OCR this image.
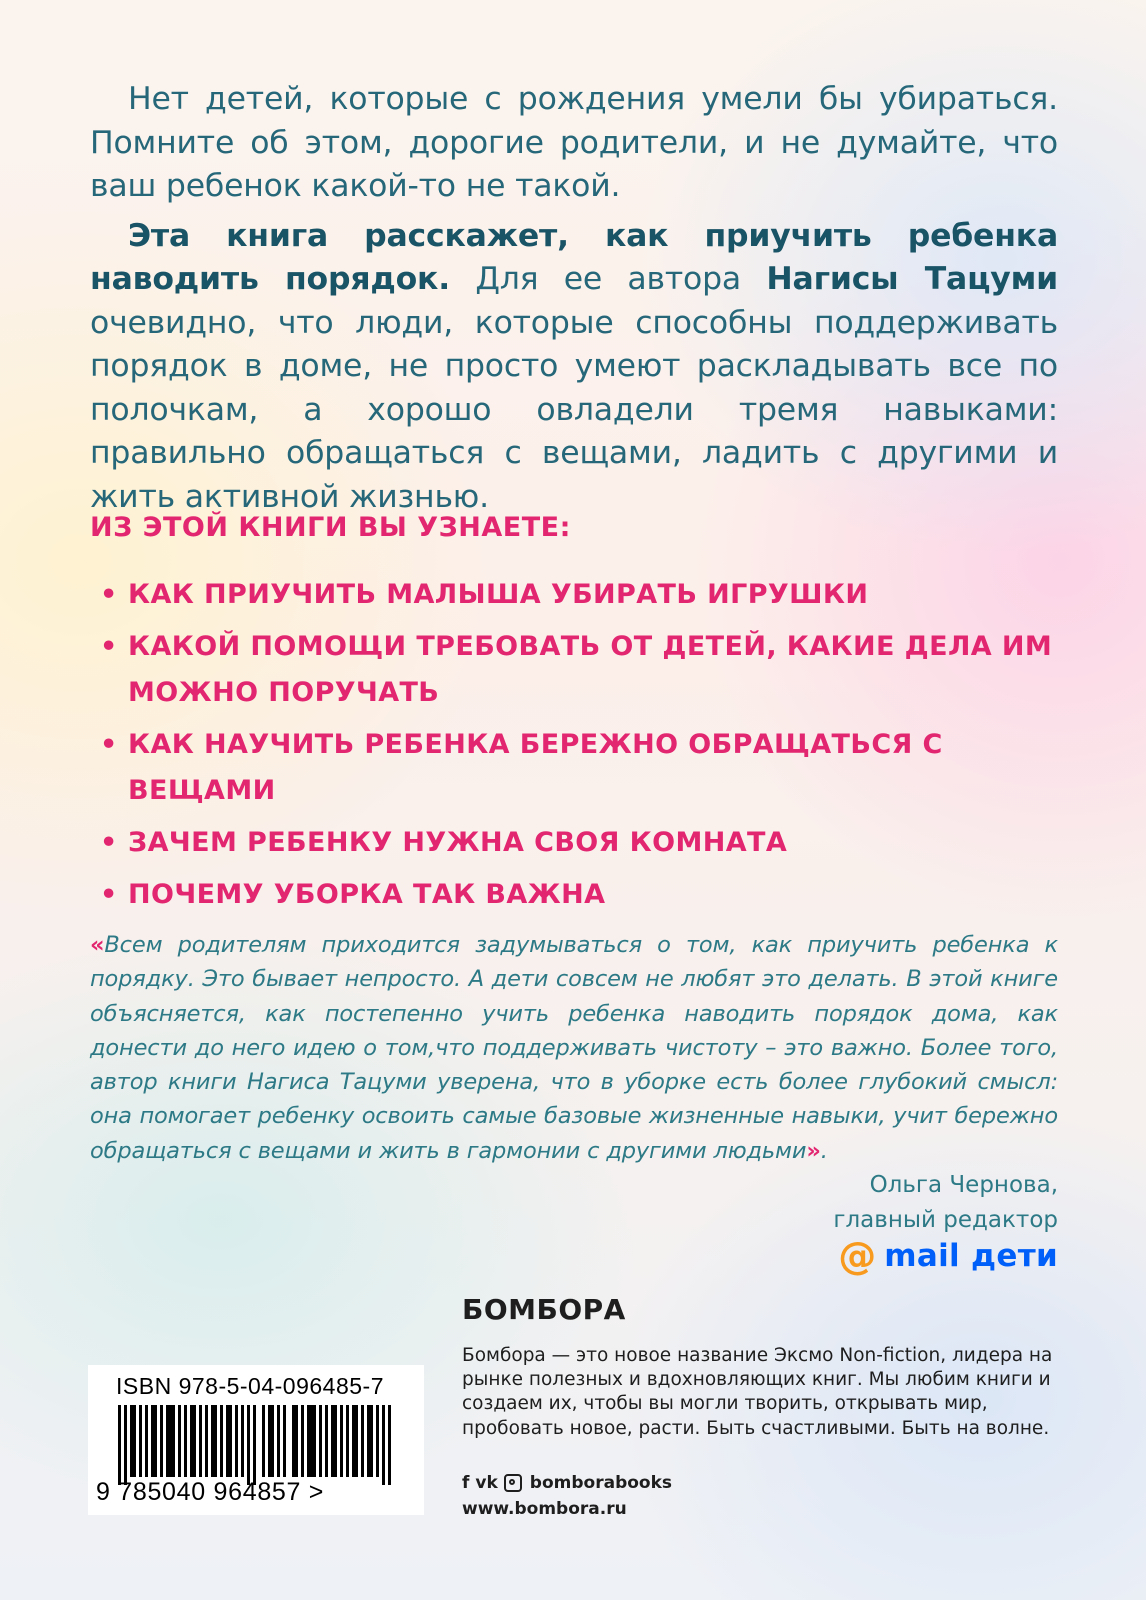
Нет детей, которые с рождения умели бы убираться. Помните об этом, дорогие родители, и не думайте, что ваш ребенок какой-то не такой.

Эта книга расскажет, как приучить ребенка наводить порядок. Для ее автора Нагисы Тацуми очевидно, что люди, которые способны поддерживать порядок в доме, не просто умеют раскладывать все по полочкам, а хорошо овладели тремя навыками: правильно обращаться с вещами, ладить с другими и жить активной жизнью.

ИЗ ЭТОЙ КНИГИ ВЫ УЗНАЕТЕ:
• КАК ПРИУЧИТЬ МАЛЫША УБИРАТЬ ИГРУШКИ
• КАКОЙ ПОМОЩИ ТРЕБОВАТЬ ОТ ДЕТЕЙ, КАКИЕ ДЕЛА ИМ МОЖНО ПОРУЧАТЬ
• КАК НАУЧИТЬ РЕБЕНКА БЕРЕЖНО ОБРАЩАТЬСЯ С ВЕЩАМИ
• ЗАЧЕМ РЕБЕНКУ НУЖНА СВОЯ КОМНАТА
• ПОЧЕМУ УБОРКА ТАК ВАЖНА
«Всем родителям приходится задумываться о том, как приучить ребенка к порядку. Это бывает непросто. А дети совсем не любят это делать. В этой книге объясняется, как постепенно учить ребенка наводить порядок дома, как донести до него идею о том,что поддерживать чистоту – это важно. Более того, автор книги Нагиса Тацуми уверена, что в уборке есть более глубокий смысл: она помогает ребенку освоить самые базовые жизненные навыки, учит бережно обращаться с вещами и жить в гармонии с другими людьми».
Ольга Чернова,
главный редактор
@ mail дети
БОМБОРА
Бомбора — это новое название Эксмо Non-fiction, лидера на рынке полезных и вдохновляющих книг. Мы любим книги и создаем их, чтобы вы могли творить, открывать мир, пробовать новое, расти. Быть счастливыми. Быть на волне.
f vk bomborabooks
www.bombora.ru
ISBN 978-5-04-096485-7
9 785040 964857 >
